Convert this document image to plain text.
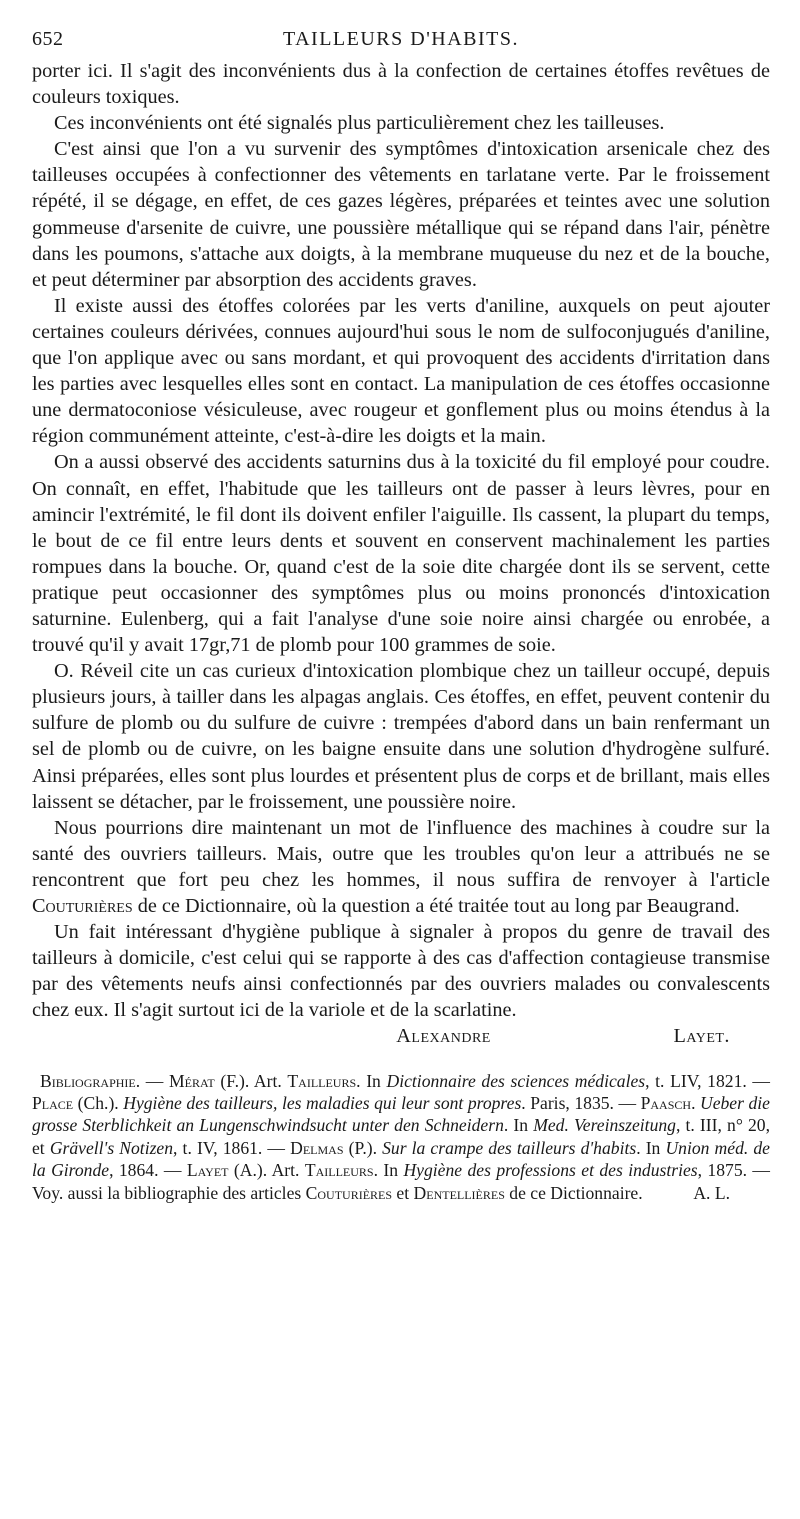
652	TAILLEURS D'HABITS.

porter ici. Il s'agit des inconvénients dus à la confection de certaines étoffes revêtues de couleurs toxiques.

Ces inconvénients ont été signalés plus particulièrement chez les tailleuses.

C'est ainsi que l'on a vu survenir des symptômes d'intoxication arsenicale chez des tailleuses occupées à confectionner des vêtements en tarlatane verte. Par le froissement répété, il se dégage, en effet, de ces gazes légères, préparées et teintes avec une solution gommeuse d'arsenite de cuivre, une poussière métallique qui se répand dans l'air, pénètre dans les poumons, s'attache aux doigts, à la membrane muqueuse du nez et de la bouche, et peut déterminer par absorption des accidents graves.

Il existe aussi des étoffes colorées par les verts d'aniline, auxquels on peut ajouter certaines couleurs dérivées, connues aujourd'hui sous le nom de sulfoconjugués d'aniline, que l'on applique avec ou sans mordant, et qui provoquent des accidents d'irritation dans les parties avec lesquelles elles sont en contact. La manipulation de ces étoffes occasionne une dermatoconiose vésiculeuse, avec rougeur et gonflement plus ou moins étendus à la région communément atteinte, c'est-à-dire les doigts et la main.

On a aussi observé des accidents saturnins dus à la toxicité du fil employé pour coudre. On connaît, en effet, l'habitude que les tailleurs ont de passer à leurs lèvres, pour en amincir l'extrémité, le fil dont ils doivent enfiler l'aiguille. Ils cassent, la plupart du temps, le bout de ce fil entre leurs dents et souvent en conservent machinalement les parties rompues dans la bouche. Or, quand c'est de la soie dite chargée dont ils se servent, cette pratique peut occasionner des symptômes plus ou moins prononcés d'intoxication saturnine. Eulenberg, qui a fait l'analyse d'une soie noire ainsi chargée ou enrobée, a trouvé qu'il y avait 17gr,71 de plomb pour 100 grammes de soie.

O. Réveil cite un cas curieux d'intoxication plombique chez un tailleur occupé, depuis plusieurs jours, à tailler dans les alpagas anglais. Ces étoffes, en effet, peuvent contenir du sulfure de plomb ou du sulfure de cuivre : trempées d'abord dans un bain renfermant un sel de plomb ou de cuivre, on les baigne ensuite dans une solution d'hydrogène sulfuré. Ainsi préparées, elles sont plus lourdes et présentent plus de corps et de brillant, mais elles laissent se détacher, par le froissement, une poussière noire.

Nous pourrions dire maintenant un mot de l'influence des machines à coudre sur la santé des ouvriers tailleurs. Mais, outre que les troubles qu'on leur a attribués ne se rencontrent que fort peu chez les hommes, il nous suffira de renvoyer à l'article Couturières de ce Dictionnaire, où la question a été traitée tout au long par Beaugrand.

Un fait intéressant d'hygiène publique à signaler à propos du genre de travail des tailleurs à domicile, c'est celui qui se rapporte à des cas d'affection contagieuse transmise par des vêtements neufs ainsi confectionnés par des ouvriers malades ou convalescents chez eux. Il s'agit surtout ici de la variole et de la scarlatine.

Alexandre Layet.
Bibliographie. — Mérat (F.). Art. Tailleurs. In Dictionnaire des sciences médicales, t. LIV, 1821. — Place (Ch.). Hygiène des tailleurs, les maladies qui leur sont propres. Paris, 1835. — Paasch. Ueber die grosse Sterblichkeit an Lungenschwindsucht unter den Schneidern. In Med. Vereinszeitung, t. III, n° 20, et Grävell's Notizen, t. IV, 1861. — Delmas (P.). Sur la crampe des tailleurs d'habits. In Union méd. de la Gironde, 1864. — Layet (A.). Art. Tailleurs. In Hygiène des professions et des industries, 1875. — Voy. aussi la bibliographie des articles Couturières et Dentellières de ce Dictionnaire.	A. L.
